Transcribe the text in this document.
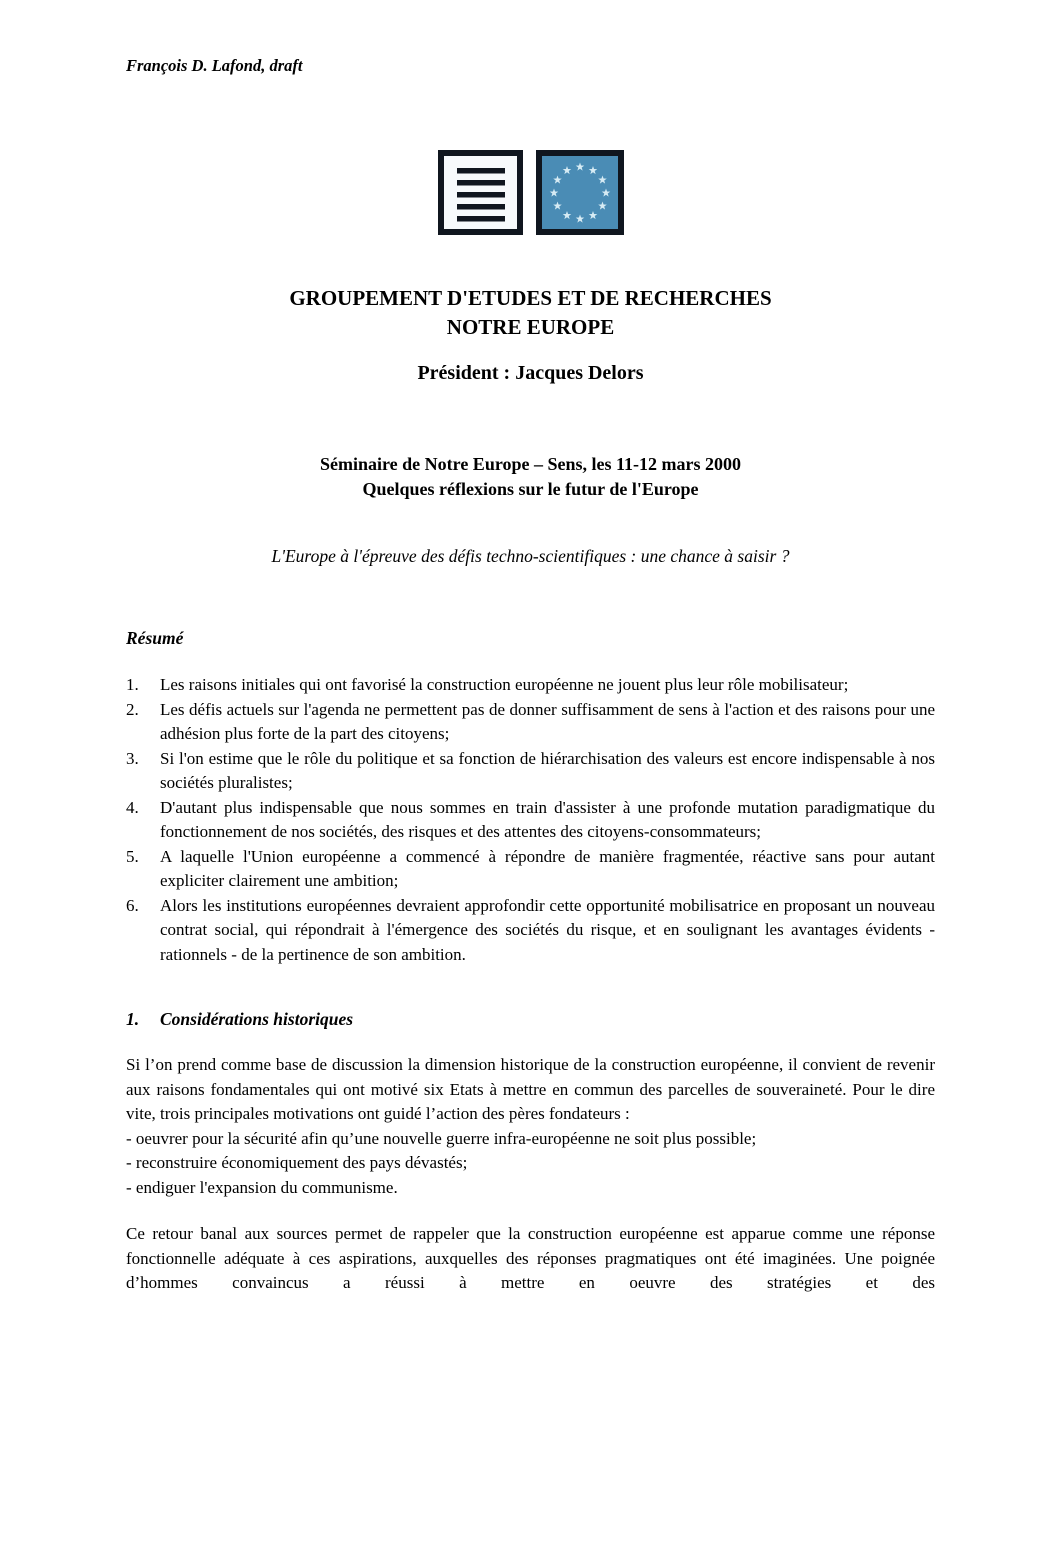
François D. Lafond, draft
GROUPEMENT D'ETUDES ET DE RECHERCHES
NOTRE EUROPE
Président : Jacques Delors
Séminaire de Notre Europe – Sens, les 11-12 mars 2000
Quelques réflexions sur le futur de l'Europe
L'Europe à l'épreuve des défis techno-scientifiques : une chance à saisir ?
Résumé
1.	Les raisons initiales qui ont favorisé la construction européenne ne jouent plus leur rôle mobilisateur;
2.	Les défis actuels sur l'agenda ne permettent pas de donner suffisamment de sens à l'action et des raisons pour une adhésion plus forte de la part des citoyens;
3.	Si l'on estime que le rôle du politique et sa fonction de hiérarchisation des valeurs est encore indispensable à nos sociétés pluralistes;
4.	D'autant plus indispensable que nous sommes en train d'assister à une profonde mutation paradigmatique du fonctionnement de nos sociétés, des risques et des attentes des citoyens-consommateurs;
5.	A laquelle l'Union européenne a commencé à répondre de manière fragmentée, réactive sans pour autant expliciter clairement une ambition;
6.	Alors les institutions européennes devraient approfondir cette opportunité mobilisatrice en proposant un nouveau contrat social, qui répondrait à l'émergence des sociétés du risque, et en soulignant les avantages évidents - rationnels - de la pertinence de son ambition.
1.	Considérations historiques
Si l’on prend comme base de discussion la dimension historique de la construction européenne, il convient de revenir aux raisons fondamentales qui ont motivé six Etats à mettre en commun des parcelles de souveraineté. Pour le dire vite, trois principales motivations ont guidé l’action des pères fondateurs :
- oeuvrer pour la sécurité afin qu’une nouvelle guerre infra-européenne ne soit plus possible;
- reconstruire économiquement des pays dévastés;
- endiguer l'expansion du communisme.
Ce retour banal aux sources permet de rappeler que la construction européenne est apparue comme une réponse fonctionnelle adéquate à ces aspirations, auxquelles des réponses pragmatiques ont été imaginées. Une poignée d’hommes convaincus a réussi à mettre en oeuvre des stratégies et des
